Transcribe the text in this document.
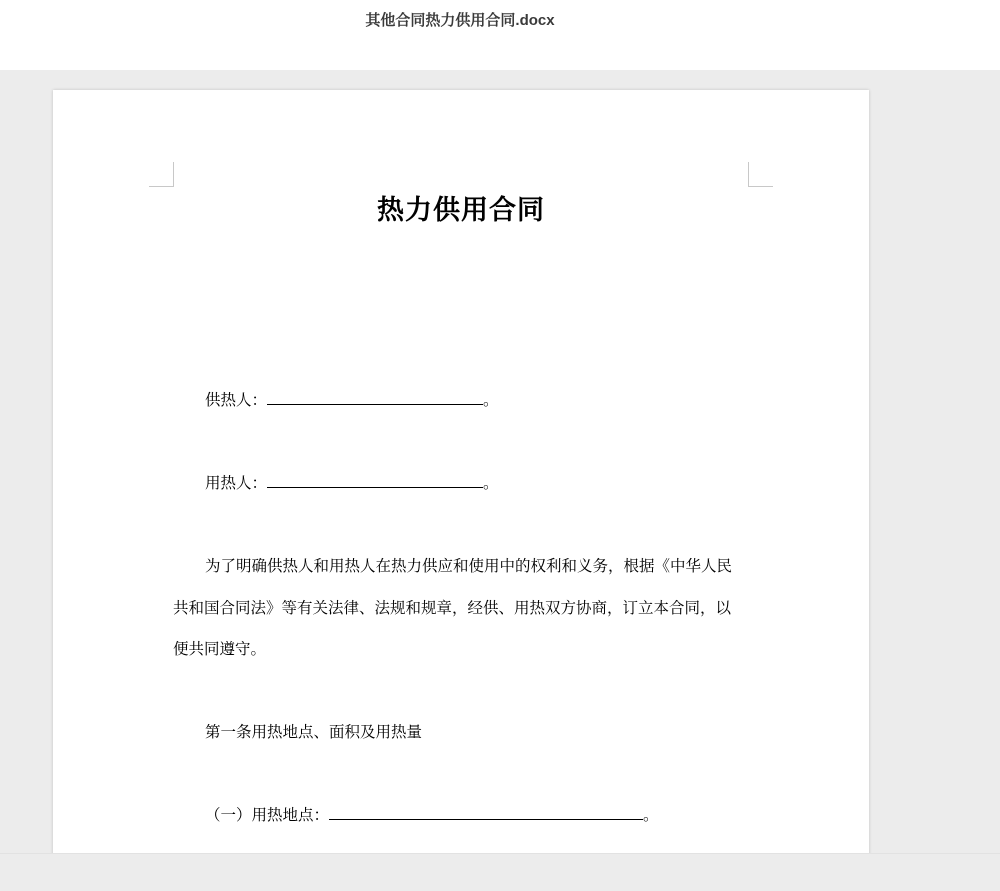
其他合同热力供用合同.docx
热力供用合同
供热人：	。
用热人：	。
为了明确供热人和用热人在热力供应和使用中的权利和义务，根据《中华人民
共和国合同法》等有关法律、法规和规章，经供、用热双方协商，订立本合同，以
便共同遵守。
第一条用热地点、面积及用热量
（一）用热地点：	。
